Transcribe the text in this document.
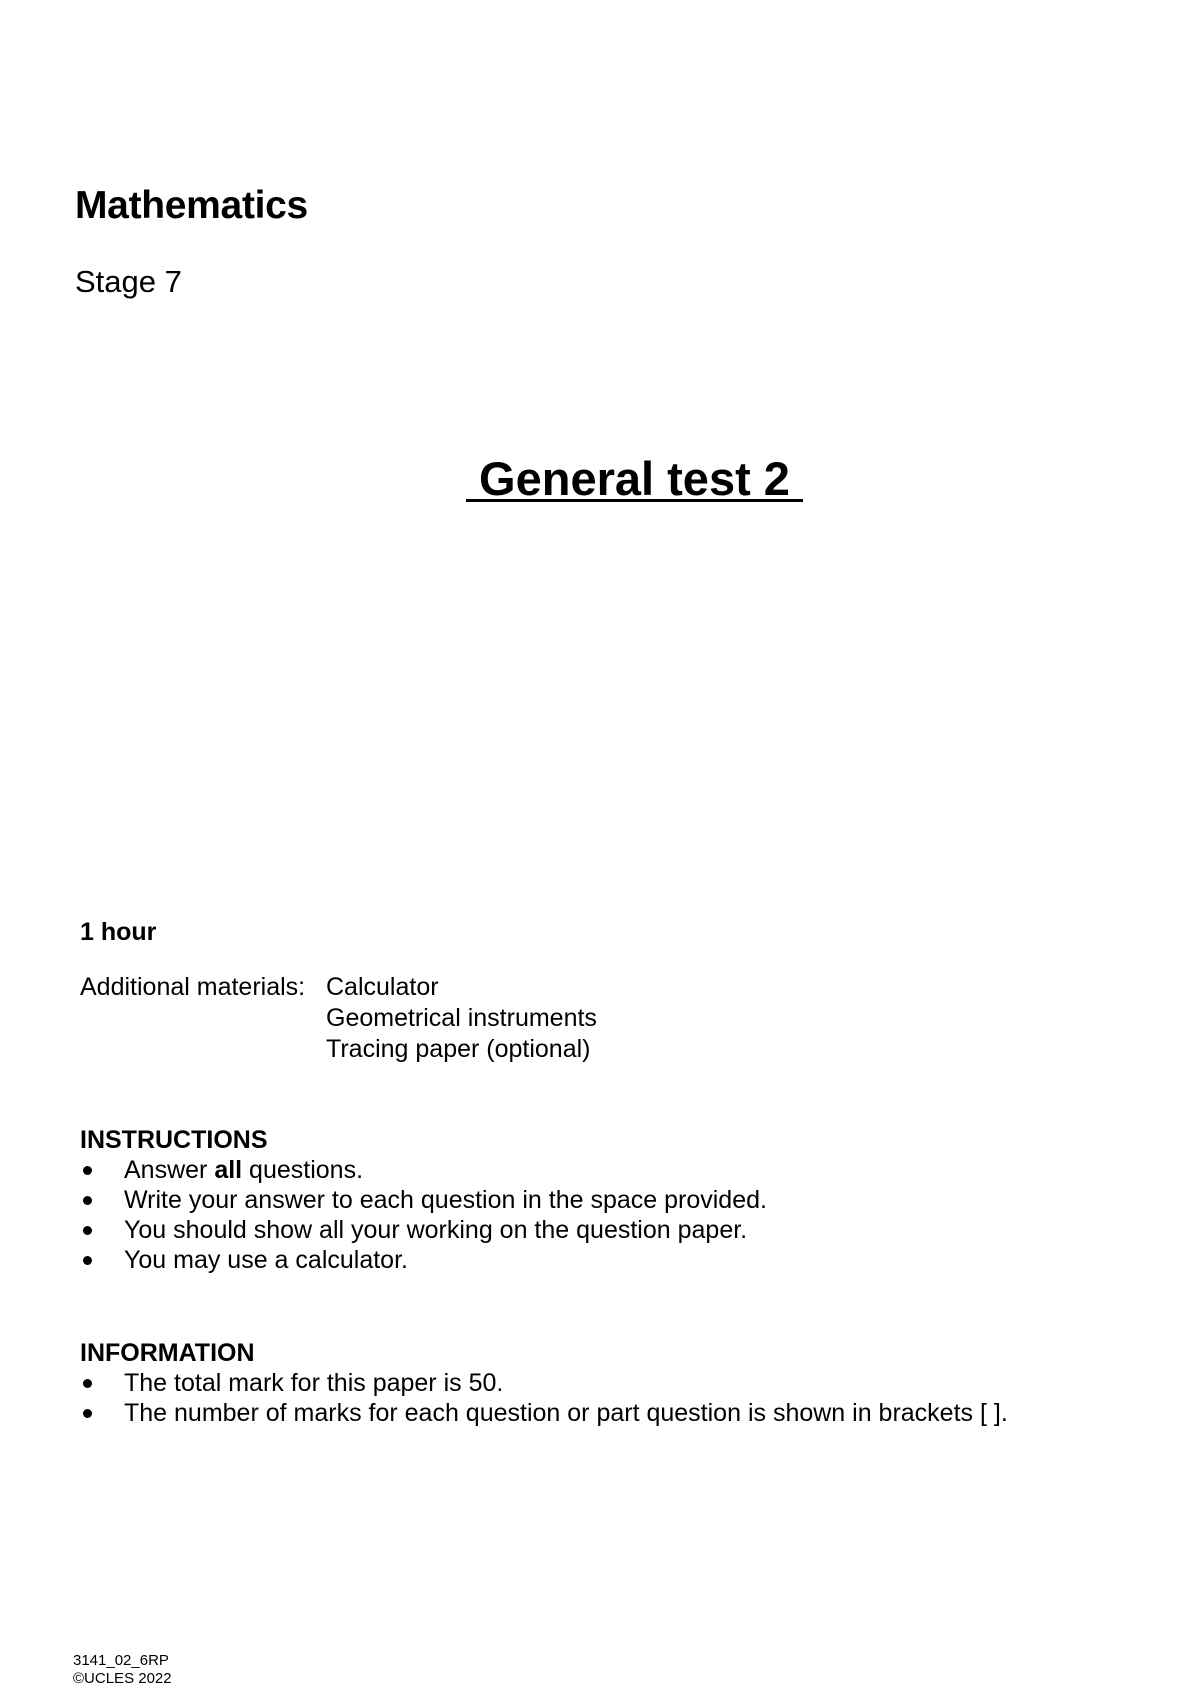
Mathematics
Stage 7
General test 2
1 hour
Additional materials: Calculator
Geometrical instruments
Tracing paper (optional)
INSTRUCTIONS
Answer all questions.
Write your answer to each question in the space provided.
You should show all your working on the question paper.
You may use a calculator.
INFORMATION
The total mark for this paper is 50.
The number of marks for each question or part question is shown in brackets [ ].
3141_02_6RP
©UCLES 2022
